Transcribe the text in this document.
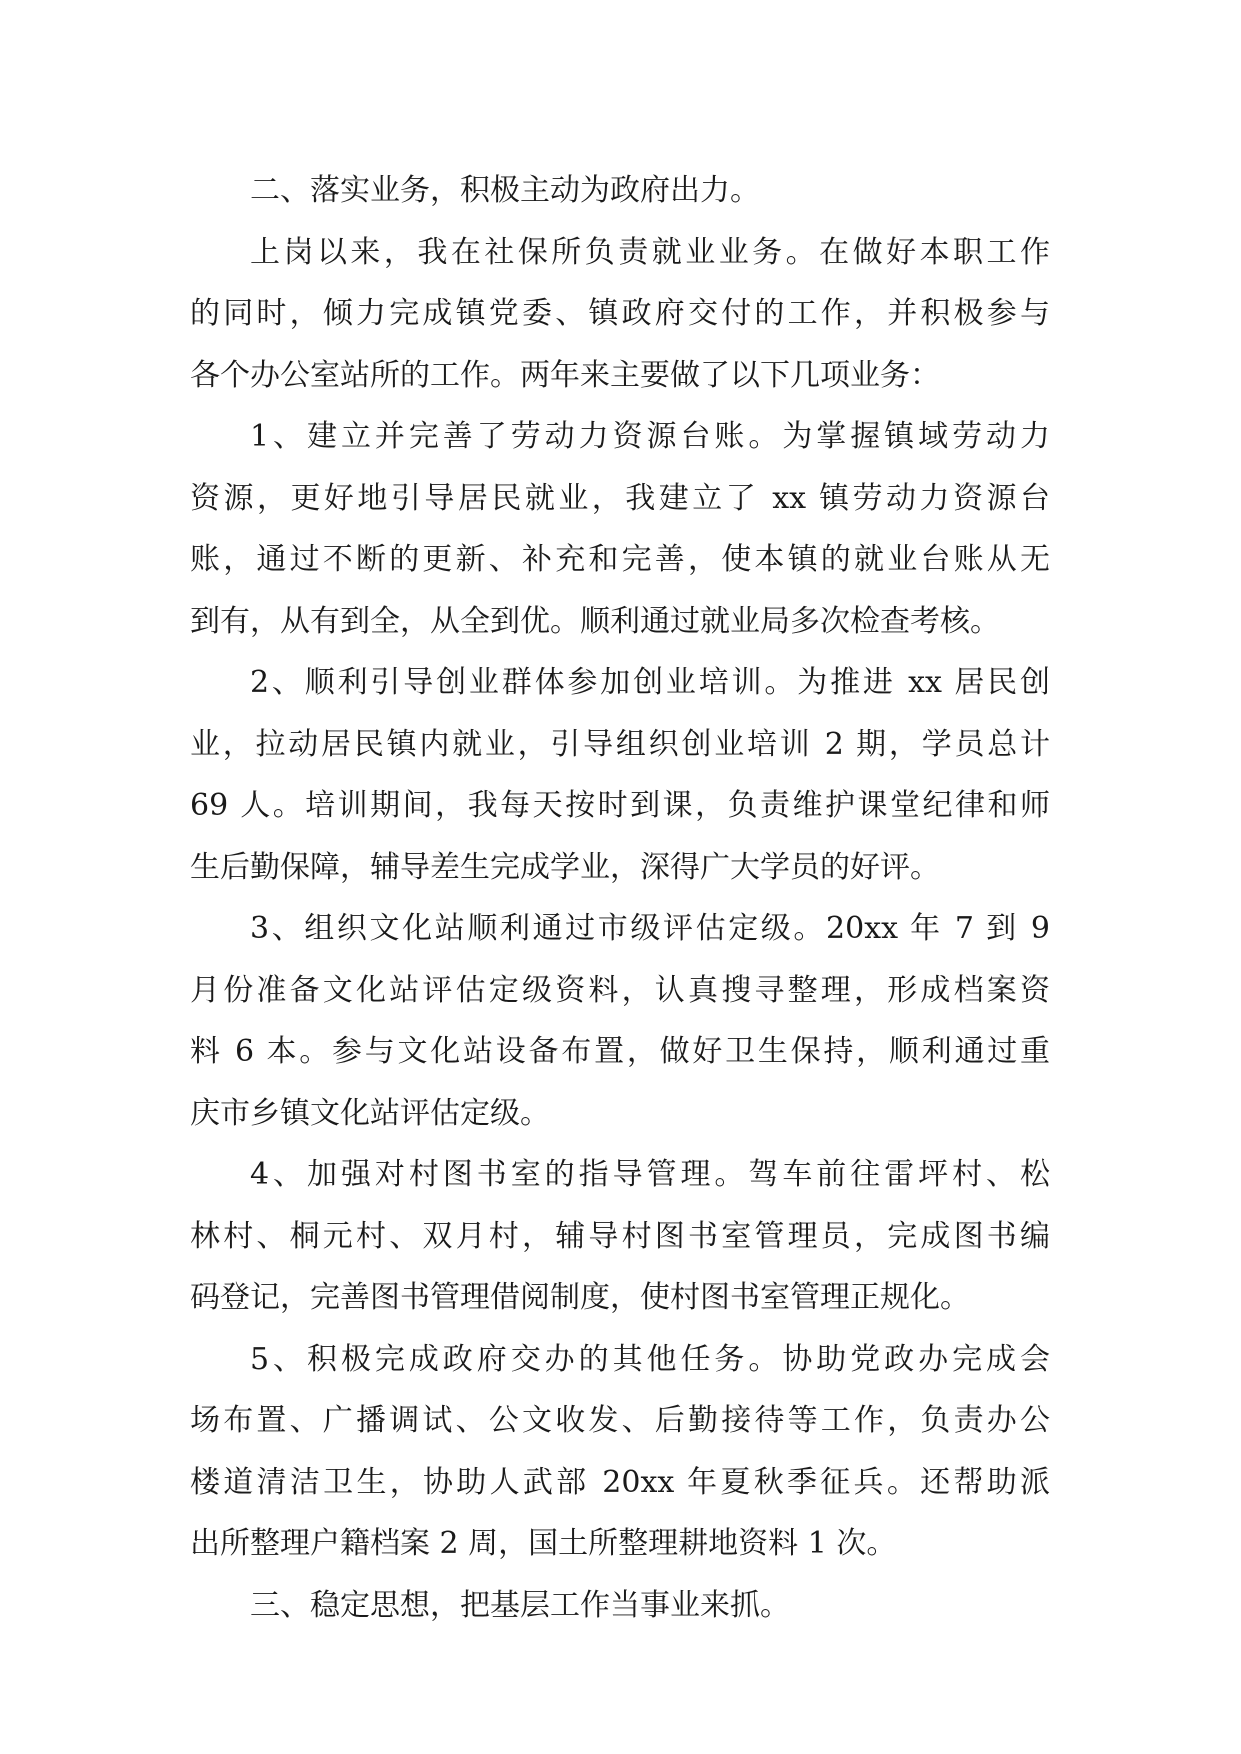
二、落实业务，积极主动为政府出力。
上岗以来，我在社保所负责就业业务。在做好本职工作
的同时，倾力完成镇党委、镇政府交付的工作，并积极参与
各个办公室站所的工作。两年来主要做了以下几项业务：
1、建立并完善了劳动力资源台账。为掌握镇域劳动力
资源，更好地引导居民就业，我建立了 xx 镇劳动力资源台
账，通过不断的更新、补充和完善，使本镇的就业台账从无
到有，从有到全，从全到优。顺利通过就业局多次检查考核。
2、顺利引导创业群体参加创业培训。为推进 xx 居民创
业，拉动居民镇内就业，引导组织创业培训 2 期，学员总计
69 人。培训期间，我每天按时到课，负责维护课堂纪律和师
生后勤保障，辅导差生完成学业，深得广大学员的好评。
3、组织文化站顺利通过市级评估定级。20xx 年 7 到 9
月份准备文化站评估定级资料，认真搜寻整理，形成档案资
料 6 本。参与文化站设备布置，做好卫生保持，顺利通过重
庆市乡镇文化站评估定级。
4、加强对村图书室的指导管理。驾车前往雷坪村、松
林村、桐元村、双月村，辅导村图书室管理员，完成图书编
码登记，完善图书管理借阅制度，使村图书室管理正规化。
5、积极完成政府交办的其他任务。协助党政办完成会
场布置、广播调试、公文收发、后勤接待等工作，负责办公
楼道清洁卫生，协助人武部 20xx 年夏秋季征兵。还帮助派
出所整理户籍档案 2 周，国土所整理耕地资料 1 次。
三、稳定思想，把基层工作当事业来抓。
